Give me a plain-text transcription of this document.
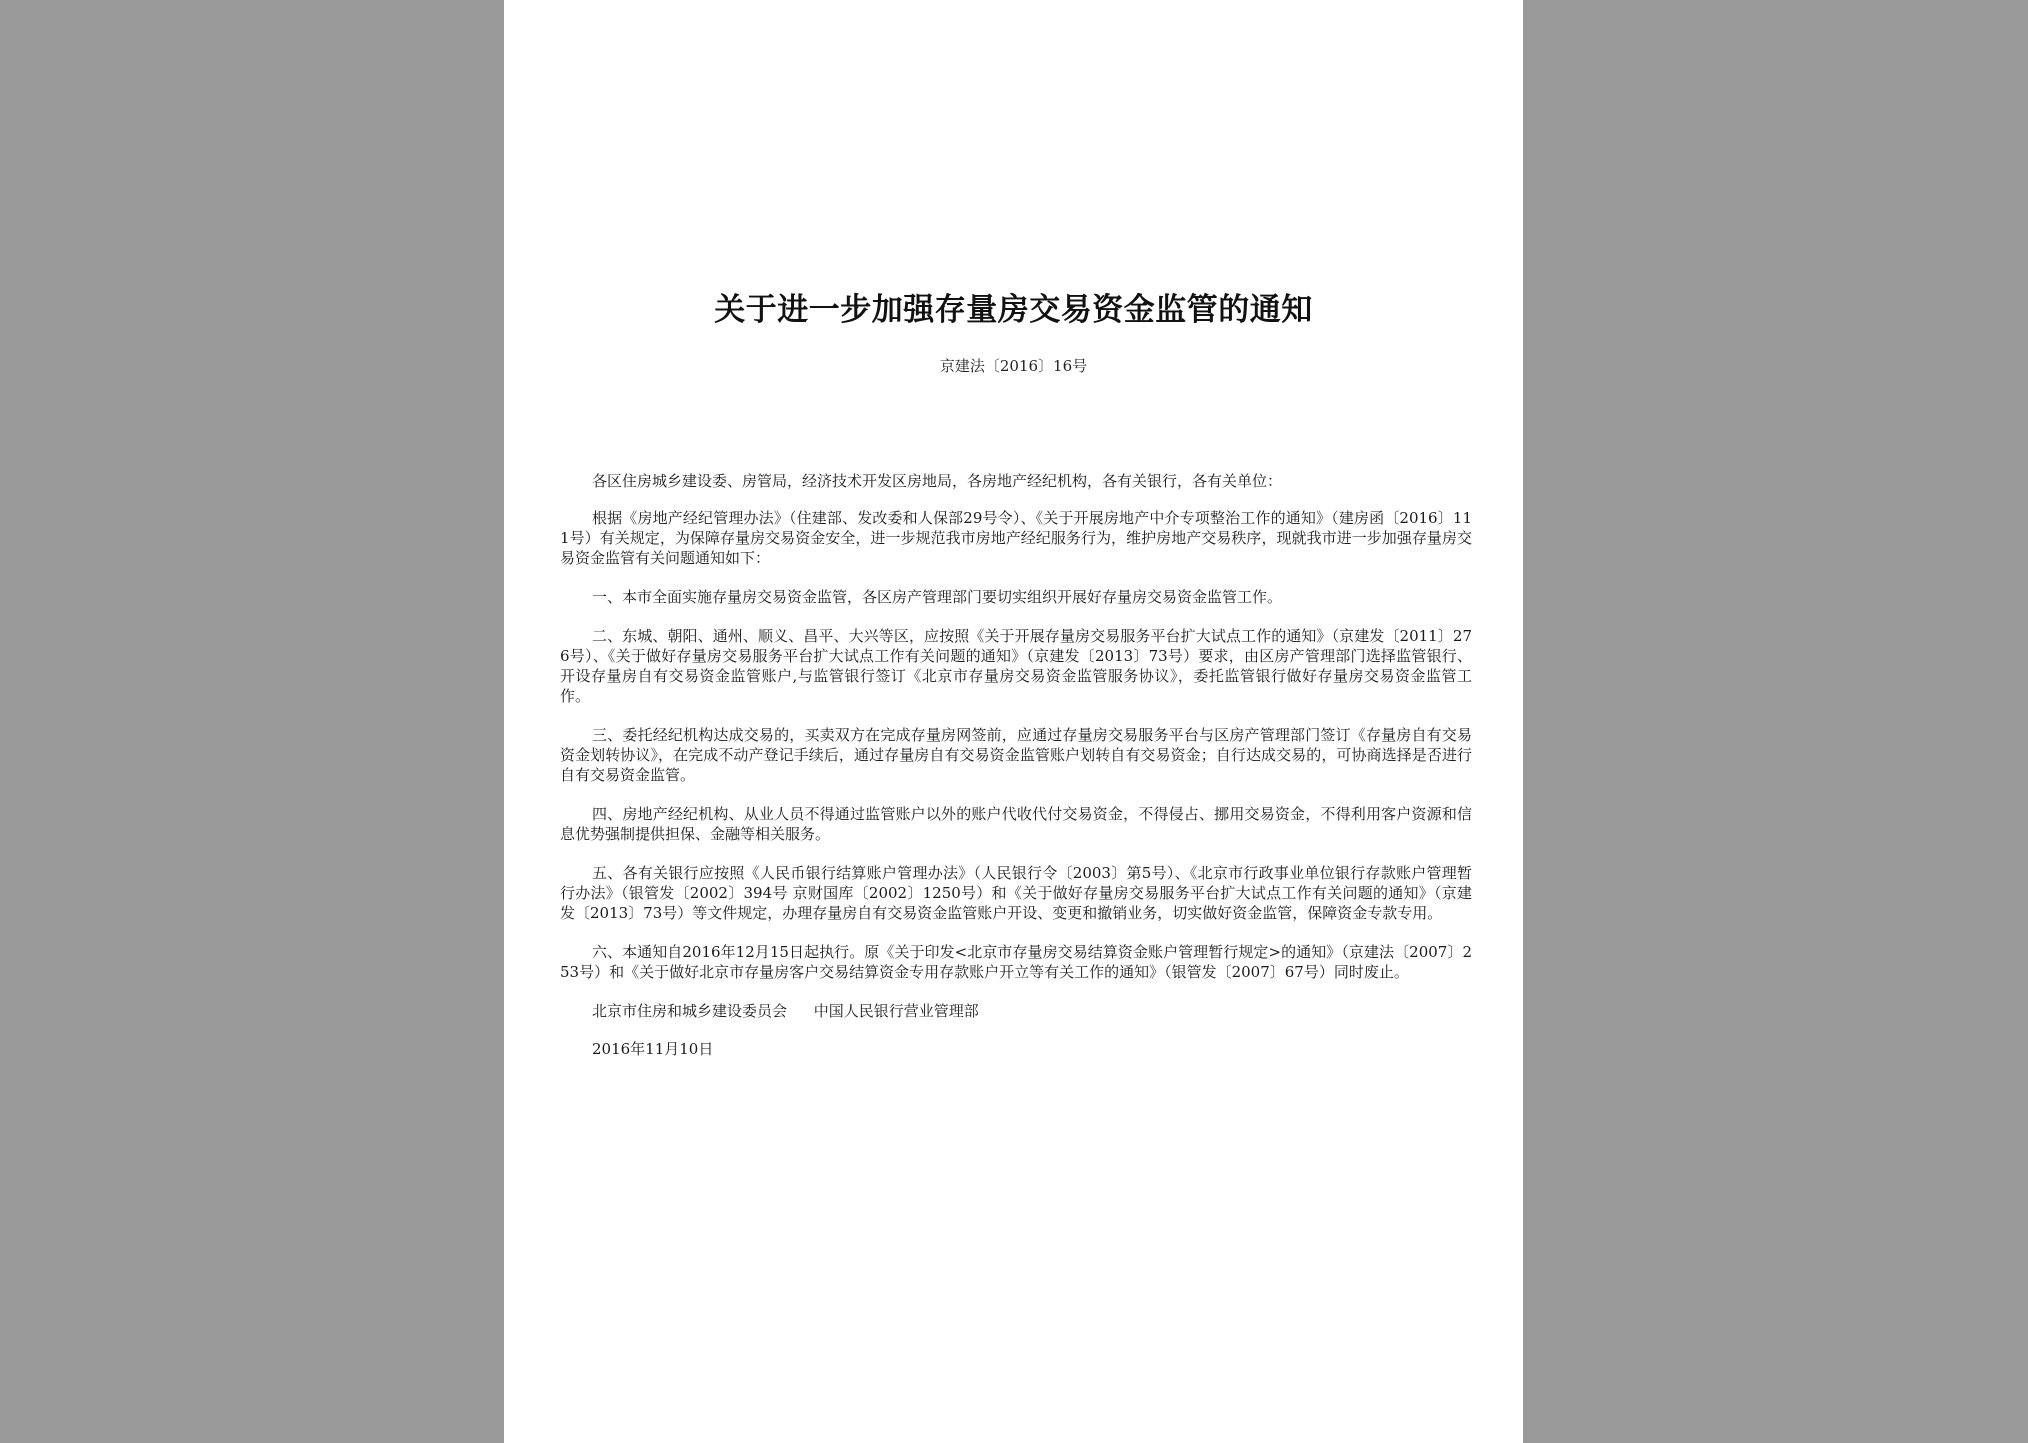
关于进一步加强存量房交易资金监管的通知
京建法〔2016〕16号

各区住房城乡建设委、房管局，经济技术开发区房地局，各房地产经纪机构，各有关银行，各有关单位：

根据《房地产经纪管理办法》（住建部、发改委和人保部29号令）、《关于开展房地产中介专项整治工作的通知》（建房函〔2016〕111号）有关规定，为保障存量房交易资金安全，进一步规范我市房地产经纪服务行为，维护房地产交易秩序，现就我市进一步加强存量房交易资金监管有关问题通知如下：

一、本市全面实施存量房交易资金监管，各区房产管理部门要切实组织开展好存量房交易资金监管工作。

二、东城、朝阳、通州、顺义、昌平、大兴等区，应按照《关于开展存量房交易服务平台扩大试点工作的通知》（京建发〔2011〕276号）、《关于做好存量房交易服务平台扩大试点工作有关问题的通知》（京建发〔2013〕73号）要求，由区房产管理部门选择监管银行、开设存量房自有交易资金监管账户,与监管银行签订《北京市存量房交易资金监管服务协议》，委托监管银行做好存量房交易资金监管工作。

三、委托经纪机构达成交易的，买卖双方在完成存量房网签前，应通过存量房交易服务平台与区房产管理部门签订《存量房自有交易资金划转协议》，在完成不动产登记手续后，通过存量房自有交易资金监管账户划转自有交易资金；自行达成交易的，可协商选择是否进行自有交易资金监管。

四、房地产经纪机构、从业人员不得通过监管账户以外的账户代收代付交易资金，不得侵占、挪用交易资金，不得利用客户资源和信息优势强制提供担保、金融等相关服务。

五、各有关银行应按照《人民币银行结算账户管理办法》（人民银行令〔2003〕第5号）、《北京市行政事业单位银行存款账户管理暂行办法》（银管发〔2002〕394号 京财国库〔2002〕1250号）和《关于做好存量房交易服务平台扩大试点工作有关问题的通知》（京建发〔2013〕73号）等文件规定，办理存量房自有交易资金监管账户开设、变更和撤销业务，切实做好资金监管，保障资金专款专用。

六、本通知自2016年12月15日起执行。原《关于印发<北京市存量房交易结算资金账户管理暂行规定>的通知》（京建法〔2007〕253号）和《关于做好北京市存量房客户交易结算资金专用存款账户开立等有关工作的通知》（银管发〔2007〕67号）同时废止。

北京市住房和城乡建设委员会 中国人民银行营业管理部

2016年11月10日
